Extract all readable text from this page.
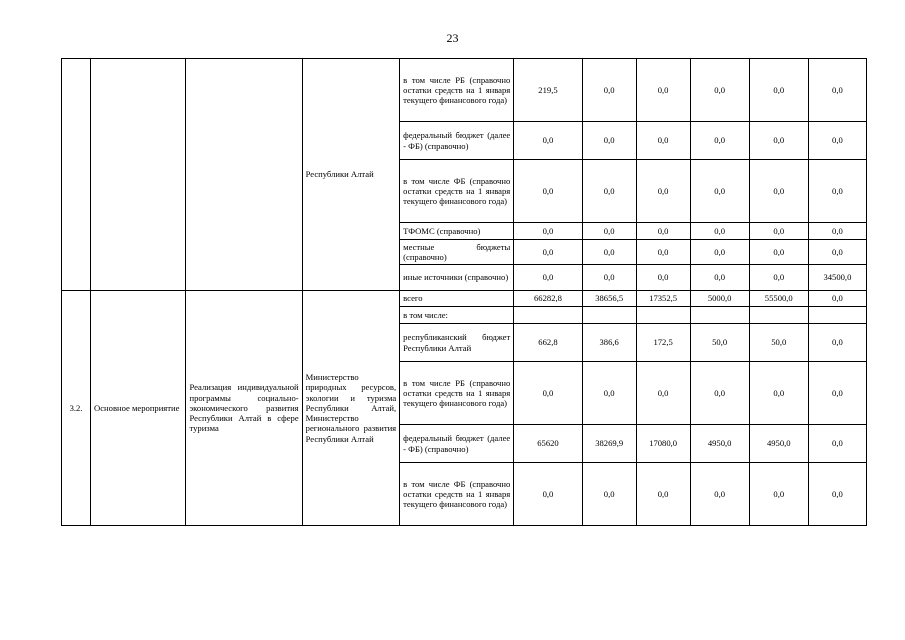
23
			Республики Алтай	в том числе РБ (справочно остатки средств на 1 января текущего финансового года)	219,5	0,0	0,0	0,0	0,0	0,0
				федеральный бюджет (далее - ФБ) (справочно)	0,0	0,0	0,0	0,0	0,0	0,0
				в том числе ФБ (справочно остатки средств на 1 января текущего финансового года)	0,0	0,0	0,0	0,0	0,0	0,0
				ТФОМС (справочно)	0,0	0,0	0,0	0,0	0,0	0,0
				местные бюджеты (справочно)	0,0	0,0	0,0	0,0	0,0	0,0
				иные источники (справочно)	0,0	0,0	0,0	0,0	0,0	34500,0
3.2.	Основное мероприятие	Реализация индивидуальной программы социально-экономического развития Республики Алтай в сфере туризма	Министерство природных ресурсов, экологии и туризма Республики Алтай, Министерство регионального развития Республики Алтай	всего	66282,8	38656,5	17352,5	5000,0	55500,0	0,0
				в том числе:						
				республиканский бюджет Республики Алтай	662,8	386,6	172,5	50,0	50,0	0,0
				в том числе РБ (справочно остатки средств на 1 января текущего финансового года)	0,0	0,0	0,0	0,0	0,0	0,0
				федеральный бюджет (далее - ФБ) (справочно)	65620	38269,9	17080,0	4950,0	4950,0	0,0
				в том числе ФБ (справочно остатки средств на 1 января текущего финансового года)	0,0	0,0	0,0	0,0	0,0	0,0
